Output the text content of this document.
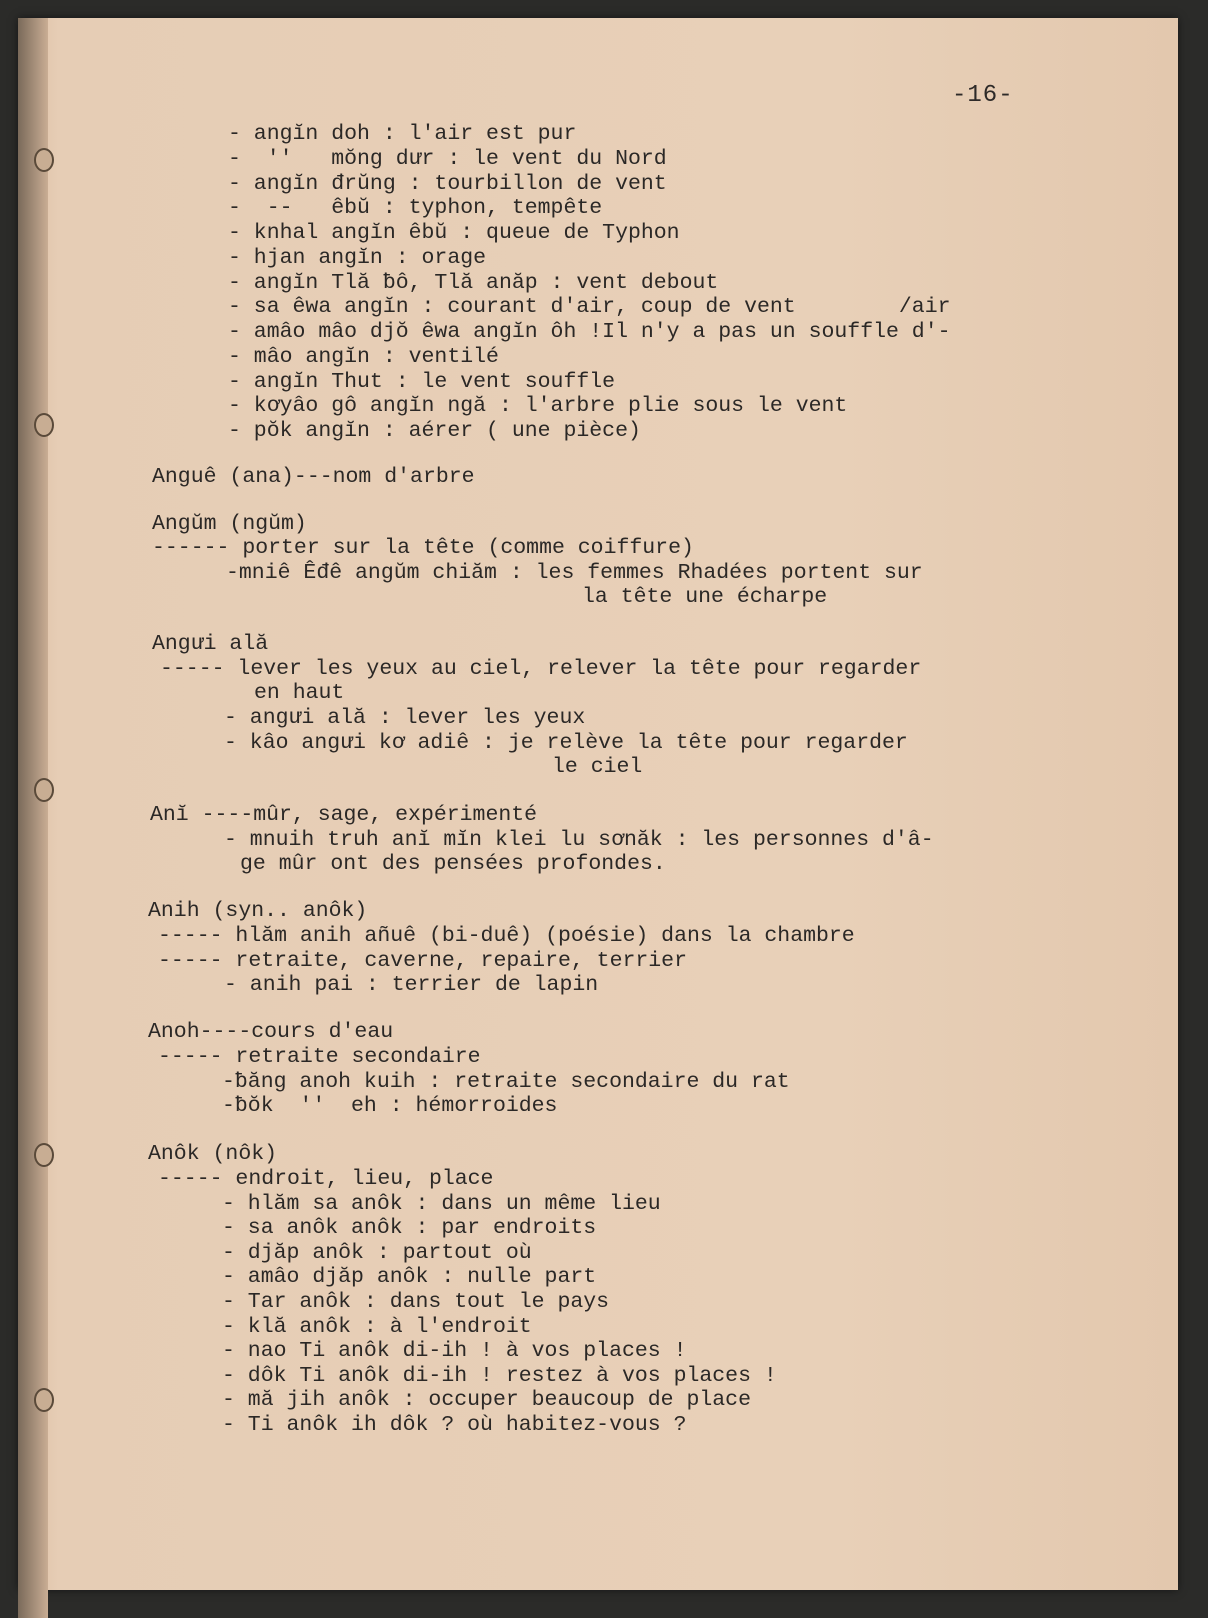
-16-

- angĭn doh : l'air est pur

-  ''   mŏng dưr : le vent du Nord

- angĭn đrŭng : tourbillon de vent

-  --   êbŭ : typhon, tempête

- knhal angĭn êbŭ : queue de Typhon

- hjan angĭn : orage

- angĭn Tlă ƀô, Tlă anăp : vent debout

- sa êwa angĭn : courant d'air, coup de vent        /air

- amâo mâo djŏ êwa angĭn ôh !Il n'y a pas un souffle d'-

- mâo angĭn : ventilé

- angĭn Thut : le vent souffle

- kơyâo gô angĭn ngă : l'arbre plie sous le vent

- pŏk angĭn : aérer ( une pièce)

Anguê (ana)---nom d'arbre

Angŭm (ngŭm)

------ porter sur la tête (comme coiffure)

-mniê Êđê angŭm chiăm : les femmes Rhadées portent sur

la tête une écharpe

Angưi ală

----- lever les yeux au ciel, relever la tête pour regarder

en haut

- angưi ală : lever les yeux

- kâo angưi kơ adiê : je relève la tête pour regarder

le ciel

Anĭ ----mûr, sage, expérimenté

- mnuih truh anĭ mĭn klei lu sơnăk : les personnes d'â-

ge mûr ont des pensées profondes.

Anih (syn.. anôk)

----- hlăm anih añuê (bi-duê) (poésie) dans la chambre

----- retraite, caverne, repaire, terrier

- anih pai : terrier de lapin

Anoh----cours d'eau

----- retraite secondaire

-ƀăng anoh kuih : retraite secondaire du rat

-ƀŏk  ''  eh : hémorroides

Anôk (nôk)

----- endroit, lieu, place

- hlăm sa anôk : dans un même lieu

- sa anôk anôk : par endroits

- djăp anôk : partout où

- amâo djăp anôk : nulle part

- Tar anôk : dans tout le pays

- klă anôk : à l'endroit

- nao Ti anôk di-ih ! à vos places !

- dôk Ti anôk di-ih ! restez à vos places !

- mă jih anôk : occuper beaucoup de place

- Ti anôk ih dôk ? où habitez-vous ?
